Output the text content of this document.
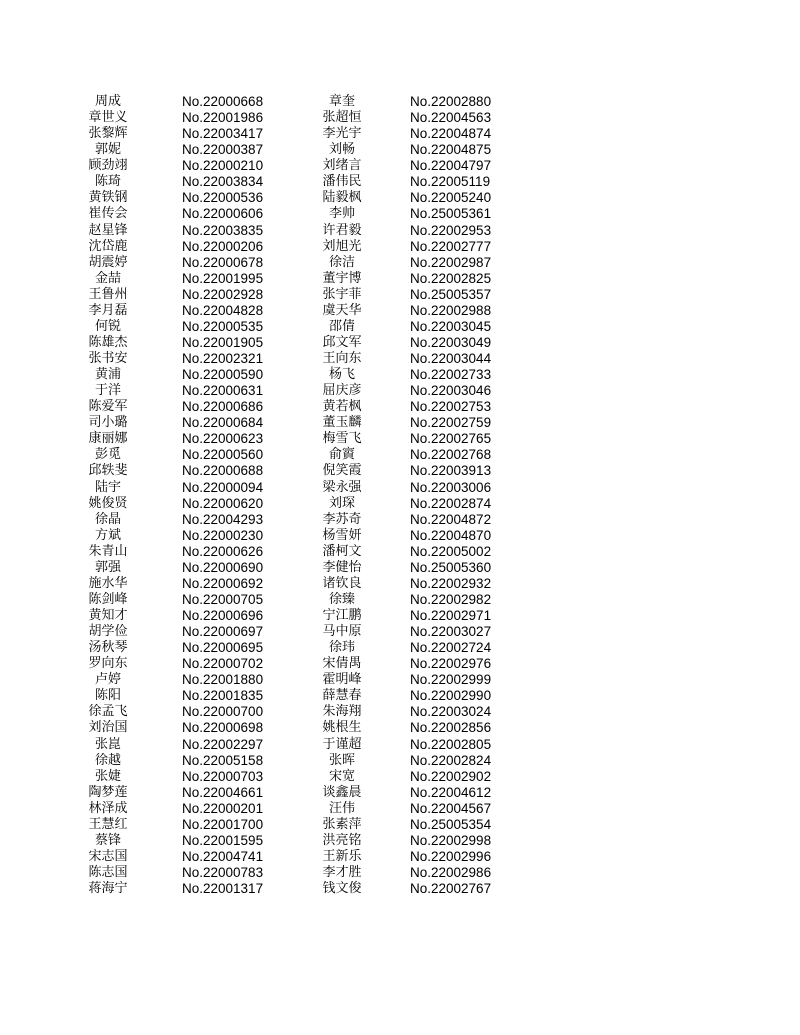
周成	No.22000668	章奎	No.22002880
章世义	No.22001986	张超恒	No.22004563
张黎辉	No.22003417	李光宇	No.22004874
郭妮	No.22000387	刘畅	No.22004875
顾劲翊	No.22000210	刘绪言	No.22004797
陈琦	No.22003834	潘伟民	No.22005119
黄铁钢	No.22000536	陆毅枫	No.22005240
崔传会	No.22000606	李帅	No.25005361
赵星锋	No.22003835	许君毅	No.22002953
沈岱鹿	No.22000206	刘旭光	No.22002777
胡震婷	No.22000678	徐洁	No.22002987
金喆	No.22001995	董宇博	No.22002825
王鲁州	No.22002928	张宇菲	No.25005357
李月磊	No.22004828	虞天华	No.22002988
何锐	No.22000535	邵倩	No.22003045
陈雄杰	No.22001905	邱文军	No.22003049
张书安	No.22002321	王向东	No.22003044
黄浦	No.22000590	杨飞	No.22002733
于洋	No.22000631	屈庆彦	No.22003046
陈爱军	No.22000686	黄若枫	No.22002753
司小璐	No.22000684	董玉麟	No.22002759
康丽娜	No.22000623	梅雪飞	No.22002765
彭觅	No.22000560	俞賨	No.22002768
邱轶斐	No.22000688	倪笑霞	No.22003913
陆宇	No.22000094	梁永强	No.22003006
姚俊贤	No.22000620	刘琛	No.22002874
徐晶	No.22004293	李苏奇	No.22004872
方斌	No.22000230	杨雪妍	No.22004870
朱青山	No.22000626	潘柯文	No.22005002
郭强	No.22000690	李健怡	No.25005360
施水华	No.22000692	诸钦良	No.22002932
陈剑峰	No.22000705	徐臻	No.22002982
黄知才	No.22000696	宁江鹏	No.22002971
胡学俭	No.22000697	马中原	No.22003027
汤秋琴	No.22000695	徐玮	No.22002724
罗向东	No.22000702	宋倩禺	No.22002976
卢婷	No.22001880	霍明峰	No.22002999
陈阳	No.22001835	薛慧春	No.22002990
徐孟飞	No.22000700	朱海翔	No.22003024
刘治国	No.22000698	姚根生	No.22002856
张崑	No.22002297	于谨超	No.22002805
徐越	No.22005158	张晖	No.22002824
张婕	No.22000703	宋宽	No.22002902
陶梦莲	No.22004661	谈鑫晨	No.22004612
林泽成	No.22000201	汪伟	No.22004567
王慧红	No.22001700	张素萍	No.25005354
蔡锋	No.22001595	洪亮铭	No.22002998
宋志国	No.22004741	王新乐	No.22002996
陈志国	No.22000783	李才胜	No.22002986
蒋海宁	No.22001317	钱文俊	No.22002767
